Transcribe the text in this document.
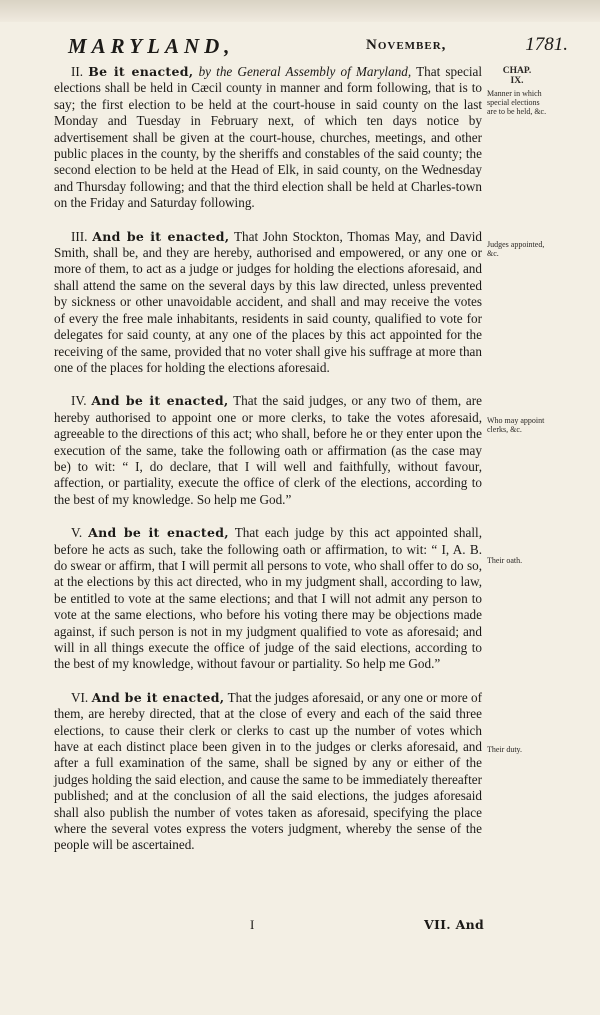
MARYLAND,	November,	1781.

II. Be it enacted, by the General Assembly of Maryland, That special elections shall be held in Cæcil county in manner and form following, that is to say; the first election to be held at the court-house in said county on the last Monday and Tuesday in February next, of which ten days notice by advertisement shall be given at the court-house, churches, meetings, and other public places in the county, by the sheriffs and constables of the said county; the second election to be held at the Head of Elk, in said county, on the Wednesday and Thursday following; and that the third election shall be held at Charles-town on the Friday and Saturday following.

III. And be it enacted, That John Stockton, Thomas May, and David Smith, shall be, and they are hereby, authorised and empowered, or any one or more of them, to act as a judge or judges for holding the elections aforesaid, and shall attend the same on the several days by this law directed, unless prevented by sickness or other unavoidable accident, and shall and may receive the votes of every the free male inhabitants, residents in said county, qualified to vote for delegates for said county, at any one of the places by this act appointed for the receiving of the same, provided that no voter shall give his suffrage at more than one of the places for holding the elections aforesaid.

IV. And be it enacted, That the said judges, or any two of them, are hereby authorised to appoint one or more clerks, to take the votes aforesaid, agreeable to the directions of this act; who shall, before he or they enter upon the execution of the same, take the following oath or affirmation (as the case may be) to wit: “ I, do declare, that I will well and faithfully, without favour, affection, or partiality, execute the office of clerk of the elections, according to the best of my knowledge. So help me God.”

V. And be it enacted, That each judge by this act appointed shall, before he acts as such, take the following oath or affirmation, to wit: “ I, A. B. do swear or affirm, that I will permit all persons to vote, who shall offer to do so, at the elections by this act directed, who in my judgment shall, according to law, be entitled to vote at the same elections; and that I will not admit any person to vote at the same elections, who before his voting there may be objections made against, if such person is not in my judgment qualified to vote as aforesaid; and will in all things execute the office of judge of the said elections, according to the best of my knowledge, without favour or partiality. So help me God.”

VI. And be it enacted, That the judges aforesaid, or any one or more of them, are hereby directed, that at the close of every and each of the said three elections, to cause their clerk or clerks to cast up the number of votes which have at each distinct place been given in to the judges or clerks aforesaid, and after a full examination of the same, shall be signed by any or either of the judges holding the said election, and cause the same to be immediately thereafter published; and at the conclusion of all the said elections, the judges aforesaid shall also publish the number of votes taken as aforesaid, specifying the place where the several votes express the voters judgment, whereby the sense of the people will be ascertained.

CHAP.
IX.
Manner in which special elections are to be held, &c.
Judges appointed, &c.
Who may appoint clerks, &c.
Their oath.
Their duty.
I	VII. And
